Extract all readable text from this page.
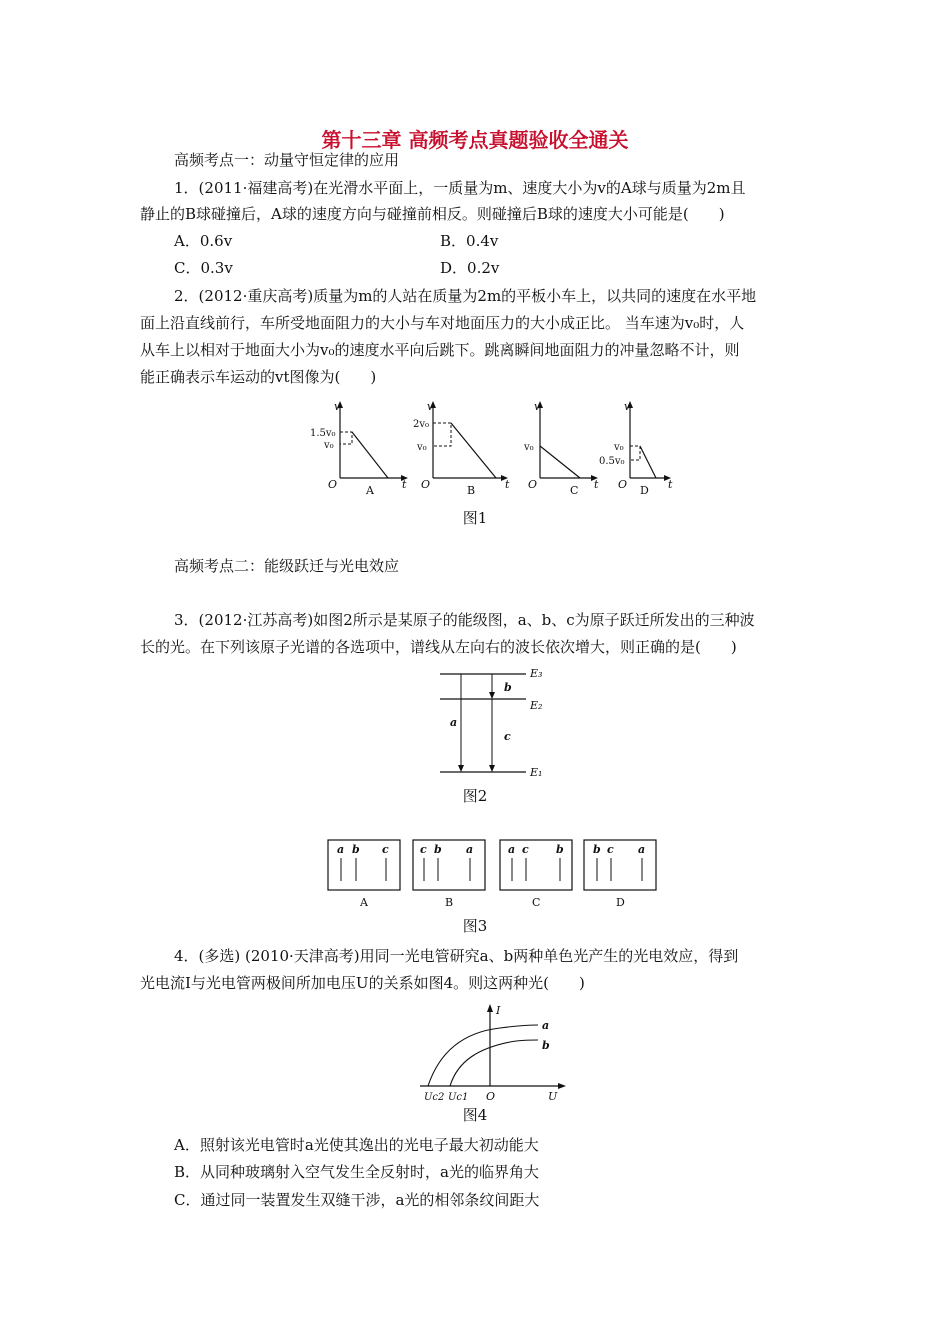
第十三章 高频考点真题验收全通关
高频考点一：动量守恒定律的应用
1．(2011·福建高考)在光滑水平面上，一质量为m、速度大小为v的A球与质量为2m且
静止的B球碰撞后，A球的速度方向与碰撞前相反。则碰撞后B球的速度大小可能是(　　)
A．0.6v	B．0.4v
C．0.3v	D．0.2v
2．(2012·重庆高考)质量为m的人站在质量为2m的平板小车上，以共同的速度在水平地
面上沿直线前行，车所受地面阻力的大小与车对地面压力的大小成正比。 当车速为v₀时，人
从车上以相对于地面大小为v₀的速度水平向后跳下。跳离瞬间地面阻力的冲量忽略不计，则
能正确表示车运动的vt图像为(　　)
v
1.5v₀
v₀
O	t
A
v
2v₀
v₀
O	t
B
v
v₀
O	t
C
v
v₀
0.5v₀
O	t
D
图1
高频考点二：能级跃迁与光电效应
3．(2012·江苏高考)如图2所示是某原子的能级图，a、b、c为原子跃迁所发出的三种波
长的光。在下列该原子光谱的各选项中，谱线从左向右的波长依次增大，则正确的是(　　)
E₃
E₂
E₁
a
b
c
图2
a b c
A
c b a
B
a c b
C
b c a
D
图3
4．(多选) (2010·天津高考)用同一光电管研究a、b两种单色光产生的光电效应，得到
光电流I与光电管两极间所加电压U的关系如图4。则这两种光(　　)
I
U
O
Uc2 Uc1
a
b
图4
A．照射该光电管时a光使其逸出的光电子最大初动能大
B．从同种玻璃射入空气发生全反射时，a光的临界角大
C．通过同一装置发生双缝干涉，a光的相邻条纹间距大
